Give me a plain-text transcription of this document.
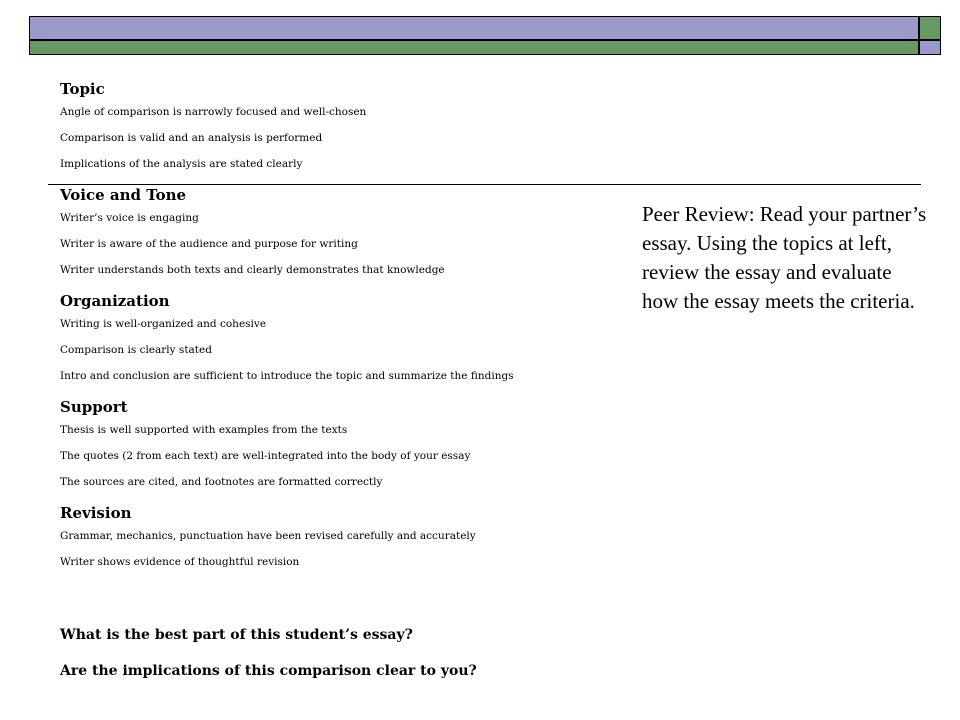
Topic

Angle of comparison is narrowly focused and well-chosen

Comparison is valid and an analysis is performed

Implications of the analysis are stated clearly

Voice and Tone

Writer’s voice is engaging

Writer is aware of the audience and purpose for writing

Writer understands both texts and clearly demonstrates that knowledge

Organization

Writing is well-organized and cohesive

Comparison is clearly stated

Intro and conclusion are sufficient to introduce the topic and summarize the findings

Support

Thesis is well supported with examples from the texts

The quotes (2 from each text) are well-integrated into the body of your essay

The sources are cited, and footnotes are formatted correctly

Revision

Grammar, mechanics, punctuation have been revised carefully and accurately

Writer shows evidence of thoughtful revision

What is the best part of this student’s essay?
Are the implications of this comparison clear to you?
Peer Review: Read your partner’s essay. Using the topics at left, review the essay and evaluate how the essay meets the criteria.
